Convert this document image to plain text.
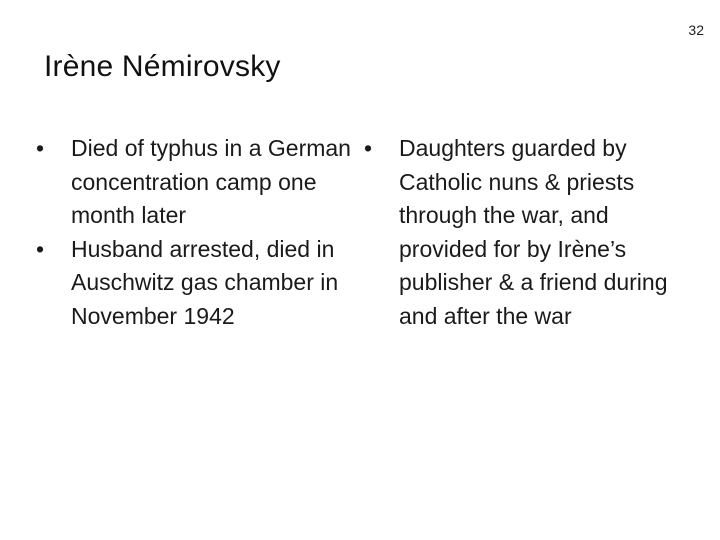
32
Irène Némirovsky
•	Died of typhus in a German concentration camp one month later
•	Husband arrested, died in Auschwitz gas chamber in November 1942
•	Daughters guarded by Catholic nuns & priests through the war, and provided for by Irène’s publisher & a friend during and after the war
